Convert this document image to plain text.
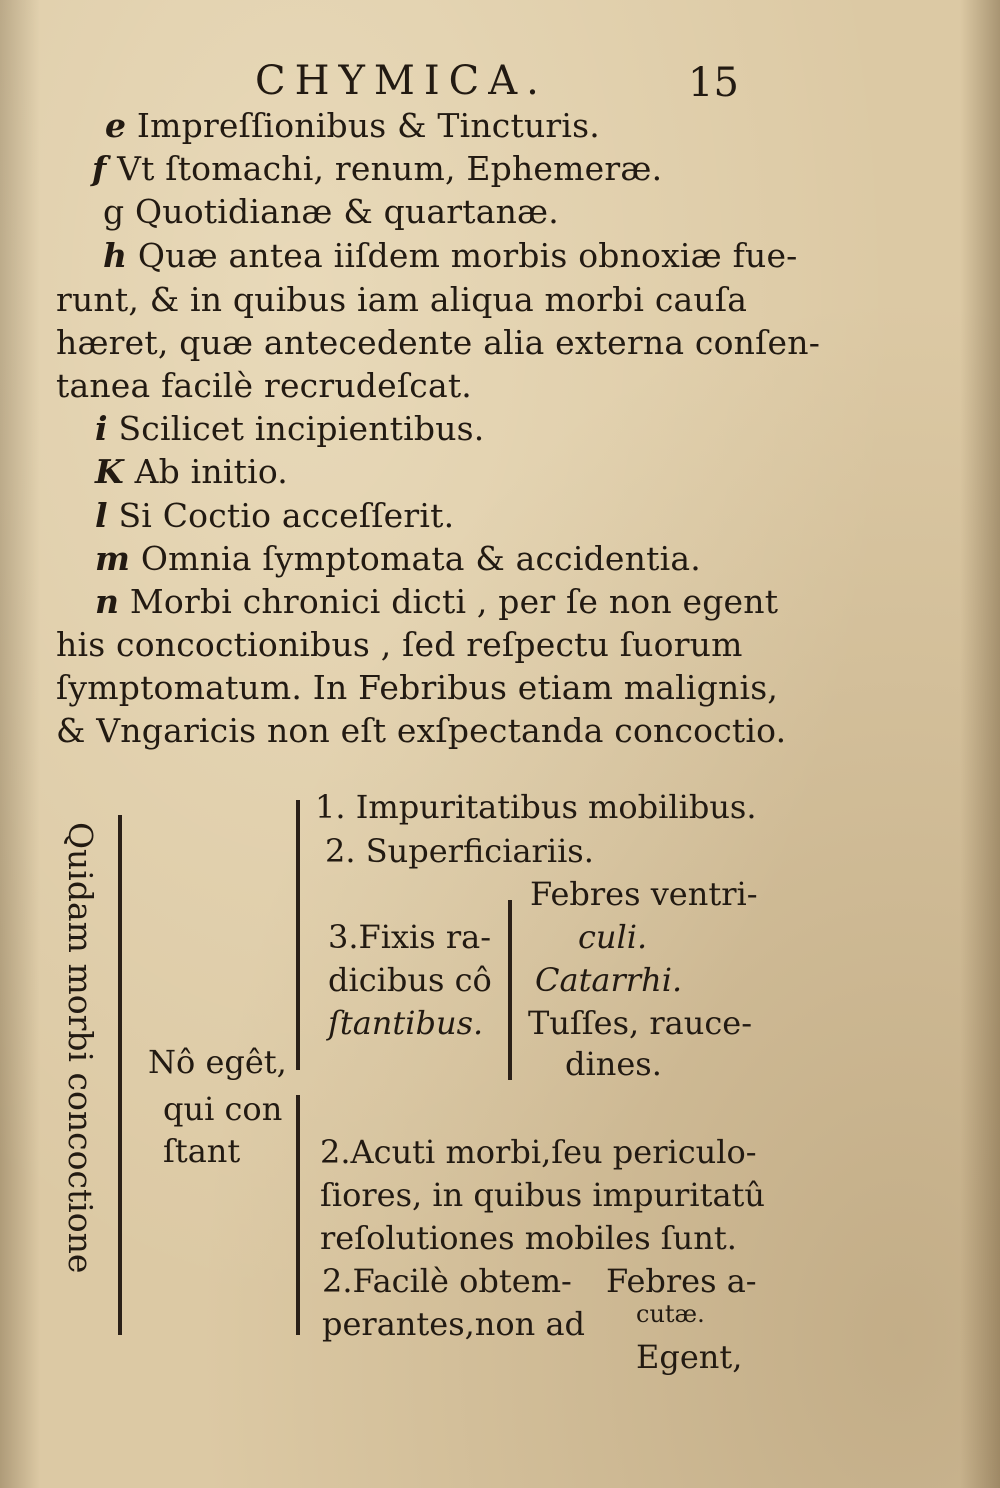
CHYMICA.	15
e Impreſſionibus & Tincturis.
f Vt ſtomachi, renum, Ephemeræ.
g Quotidianæ & quartanæ.
h Quæ antea iiſdem morbis obnoxiæ fue-
runt, & in quibus iam aliqua morbi cauſa
hæret, quæ antecedente alia externa conſen-
tanea facilè recrudeſcat.
i Scilicet incipientibus.
K Ab initio.
l Si Coctio acceſſerit.
m Omnia ſymptomata & accidentia.
n Morbi chronici dicti , per ſe non egent
his concoctionibus , ſed reſpectu ſuorum
ſymptomatum. In Febribus etiam malignis,
& Vngaricis non eſt exſpectanda concoctio.
Quidam morbi concoctione Nô egêt,
qui con
ſtant
1. Impuritatibus mobilibus.
2. Superficiariis.
3.Fixis ra-
dicibus cô
ſtantibus.
Febres ventri-
culi.
Catarrhi.
Tuſſes, rauce-
dines.
2.Acuti morbi,ſeu periculo-
ſiores, in quibus impuritatû
reſolutiones mobiles ſunt.
2.Facilè obtem-
perantes,non ad
Febres a-
cutæ.
Egent,
